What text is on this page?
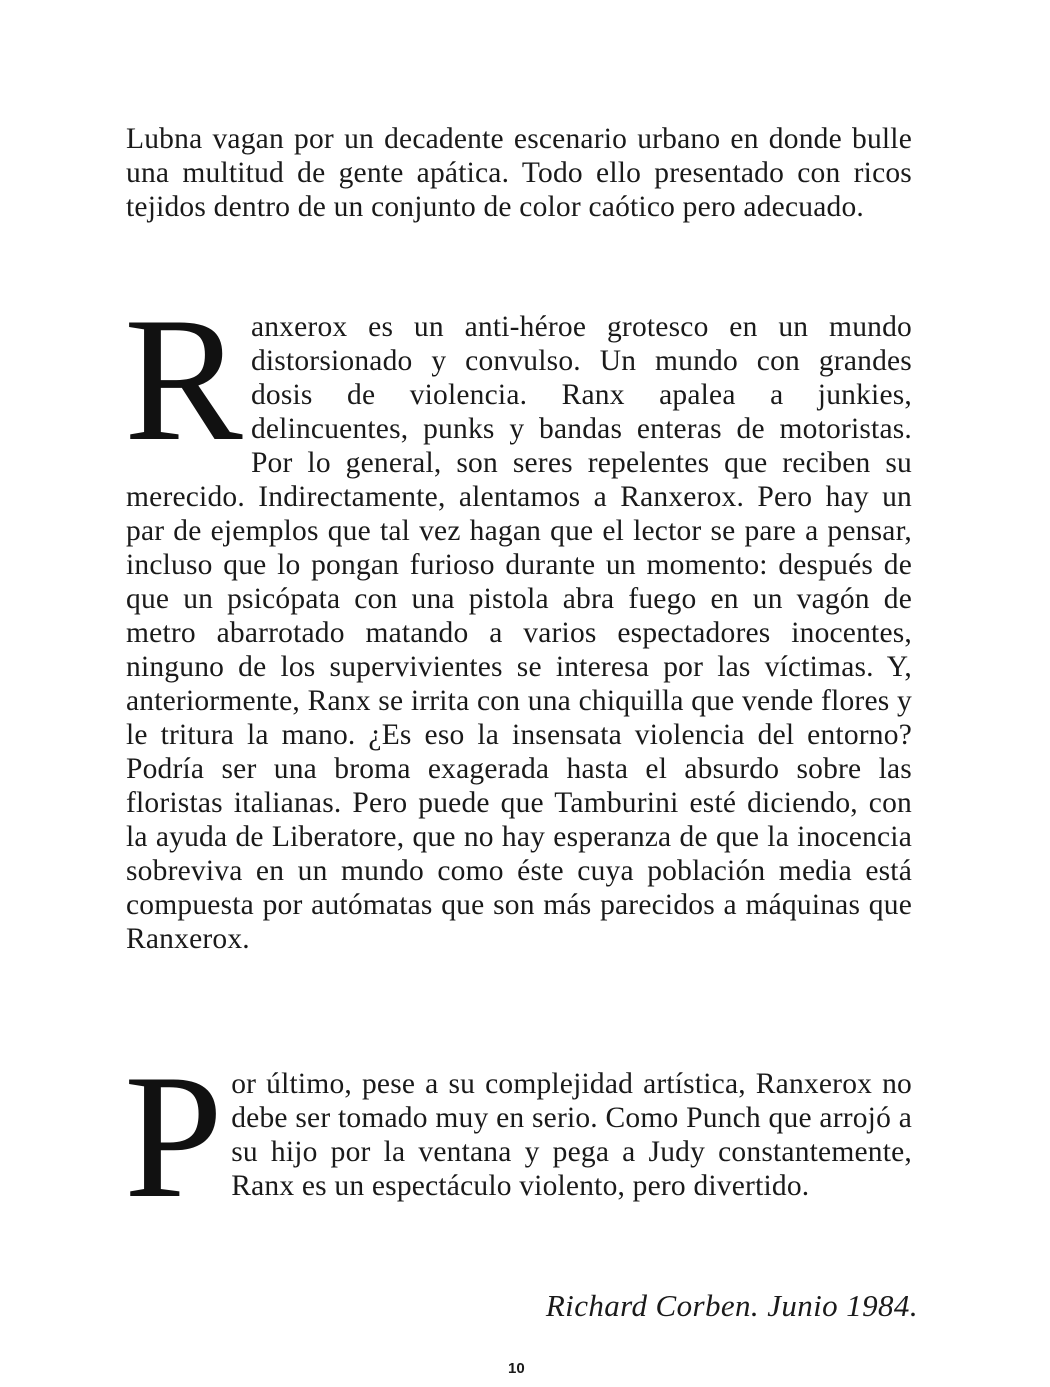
Lubna vagan por un decadente escenario urbano en donde bulle una multitud de gente apática. Todo ello presentado con ricos tejidos dentro de un conjunto de color caótico pero adecuado.

Ranxerox es un anti-héroe grotesco en un mundo distorsionado y convulso. Un mundo con grandes dosis de violencia. Ranx apalea a junkies, delincuentes, punks y bandas enteras de motoristas. Por lo general, son seres repelentes que reciben su merecido. Indirectamente, alentamos a Ranxerox. Pero hay un par de ejemplos que tal vez hagan que el lector se pare a pensar, incluso que lo pongan furioso durante un momento: después de que un psicópata con una pistola abra fuego en un vagón de metro abarrotado matando a varios espectadores inocentes, ninguno de los supervivientes se interesa por las víctimas. Y, anteriormente, Ranx se irrita con una chiquilla que vende flores y le tritura la mano. ¿Es eso la insensata violencia del entorno? Podría ser una broma exagerada hasta el absurdo sobre las floristas italianas. Pero puede que Tamburini esté diciendo, con la ayuda de Liberatore, que no hay esperanza de que la inocencia sobreviva en un mundo como éste cuya población media está compuesta por autómatas que son más parecidos a máquinas que Ranxerox.
Por último, pese a su complejidad artística, Ranxerox no debe ser tomado muy en serio. Como Punch que arrojó a su hijo por la ventana y pega a Judy constantemente, Ranx es un espectáculo violento, pero divertido.
Richard Corben. Junio 1984.
10
